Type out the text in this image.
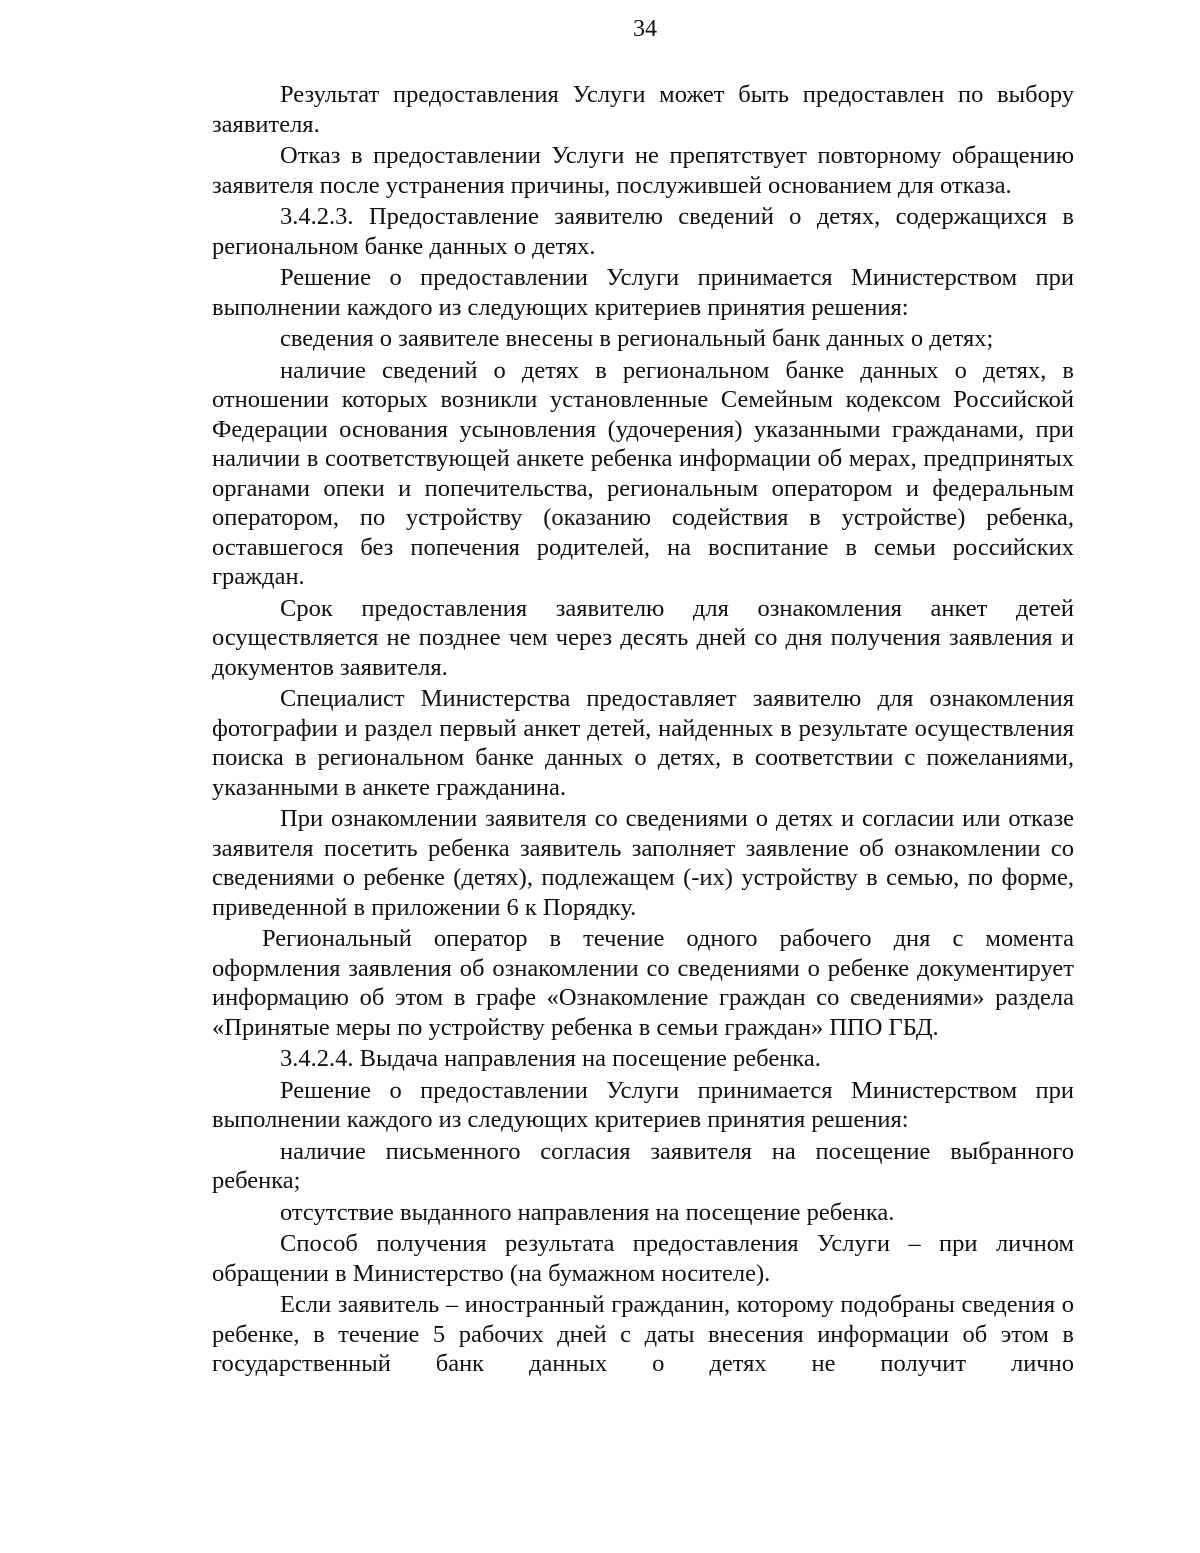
34

Результат предоставления Услуги может быть предоставлен по выбору заявителя.

Отказ в предоставлении Услуги не препятствует повторному обращению заявителя после устранения причины, послужившей основанием для отказа.

3.4.2.3. Предоставление заявителю сведений о детях, содержащихся в региональном банке данных о детях.

Решение о предоставлении Услуги принимается Министерством при выполнении каждого из следующих критериев принятия решения:

сведения о заявителе внесены в региональный банк данных о детях;

наличие сведений о детях в региональном банке данных о детях, в отношении которых возникли установленные Семейным кодексом Российской Федерации основания усыновления (удочерения) указанными гражданами, при наличии в соответствующей анкете ребенка информации об мерах, предпринятых органами опеки и попечительства, региональным оператором и федеральным оператором, по устройству (оказанию содействия в устройстве) ребенка, оставшегося без попечения родителей, на воспитание в семьи российских граждан.

Срок предоставления заявителю для ознакомления анкет детей осуществляется не позднее чем через десять дней со дня получения заявления и документов заявителя.

Специалист Министерства предоставляет заявителю для ознакомления фотографии и раздел первый анкет детей, найденных в результате осуществления поиска в региональном банке данных о детях, в соответствии с пожеланиями, указанными в анкете гражданина.

При ознакомлении заявителя со сведениями о детях и согласии или отказе заявителя посетить ребенка заявитель заполняет заявление об ознакомлении со сведениями о ребенке (детях), подлежащем (-их) устройству в семью, по форме, приведенной в приложении 6 к Порядку.

Региональный оператор в течение одного рабочего дня с момента оформления заявления об ознакомлении со сведениями о ребенке документирует информацию об этом в графе «Ознакомление граждан со сведениями» раздела «Принятые меры по устройству ребенка в семьи граждан» ППО ГБД.

3.4.2.4. Выдача направления на посещение ребенка.

Решение о предоставлении Услуги принимается Министерством при выполнении каждого из следующих критериев принятия решения:

наличие письменного согласия заявителя на посещение выбранного ребенка;

отсутствие выданного направления на посещение ребенка.

Способ получения результата предоставления Услуги – при личном обращении в Министерство (на бумажном носителе).

Если заявитель – иностранный гражданин, которому подобраны сведения о ребенке, в течение 5 рабочих дней с даты внесения информации об этом в государственный банк данных о детях не получит лично
